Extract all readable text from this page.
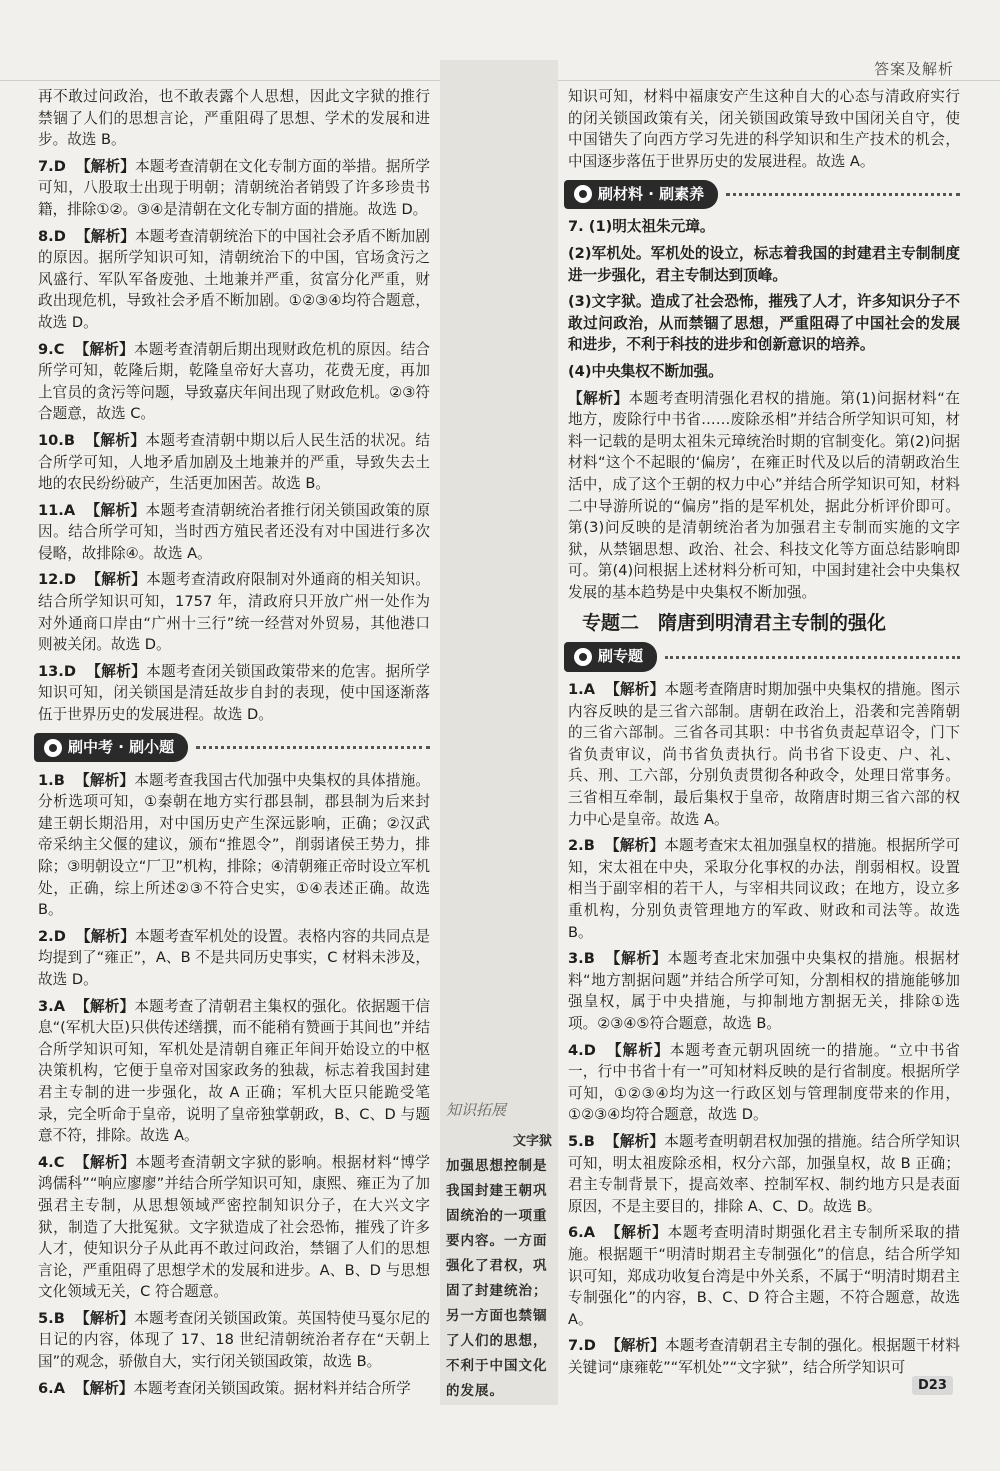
答案及解析

再不敢过问政治，也不敢表露个人思想，因此文字狱的推行禁锢了人们的思想言论，严重阻碍了思想、学术的发展和进步。故选 B。

7.D 【解析】本题考查清朝在文化专制方面的举措。据所学可知，八股取士出现于明朝；清朝统治者销毁了许多珍贵书籍，排除①②。③④是清朝在文化专制方面的措施。故选 D。

8.D 【解析】本题考查清朝统治下的中国社会矛盾不断加剧的原因。据所学知识可知，清朝统治下的中国，官场贪污之风盛行、军队军备废弛、土地兼并严重，贫富分化严重，财政出现危机，导致社会矛盾不断加剧。①②③④均符合题意，故选 D。

9.C 【解析】本题考查清朝后期出现财政危机的原因。结合所学可知，乾隆后期，乾隆皇帝好大喜功，花费无度，再加上官员的贪污等问题，导致嘉庆年间出现了财政危机。②③符合题意，故选 C。

10.B 【解析】本题考查清朝中期以后人民生活的状况。结合所学可知，人地矛盾加剧及土地兼并的严重，导致失去土地的农民纷纷破产，生活更加困苦。故选 B。

11.A 【解析】本题考查清朝统治者推行闭关锁国政策的原因。结合所学可知，当时西方殖民者还没有对中国进行多次侵略，故排除④。故选 A。

12.D 【解析】本题考查清政府限制对外通商的相关知识。结合所学知识可知，1757 年，清政府只开放广州一处作为对外通商口岸由“广州十三行”统一经营对外贸易，其他港口则被关闭。故选 D。

13.D 【解析】本题考查闭关锁国政策带来的危害。据所学知识可知，闭关锁国是清廷故步自封的表现，使中国逐渐落伍于世界历史的发展进程。故选 D。

刷中考 · 刷小题

1.B 【解析】本题考查我国古代加强中央集权的具体措施。分析选项可知，①秦朝在地方实行郡县制，郡县制为后来封建王朝长期沿用，对中国历史产生深远影响，正确；②汉武帝采纳主父偃的建议，颁布“推恩令”，削弱诸侯王势力，排除；③明朝设立“厂卫”机构，排除；④清朝雍正帝时设立军机处，正确，综上所述②③不符合史实，①④表述正确。故选 B。

2.D 【解析】本题考查军机处的设置。表格内容的共同点是均提到了“雍正”，A、B 不是共同历史事实，C 材料未涉及，故选 D。

3.A 【解析】本题考查了清朝君主集权的强化。依据题干信息“(军机大臣)只供传述缮撰，而不能稍有赞画于其间也”并结合所学知识可知，军机处是清朝自雍正年间开始设立的中枢决策机构，它便于皇帝对国家政务的独裁，标志着我国封建君主专制的进一步强化，故 A 正确；军机大臣只能跪受笔录，完全听命于皇帝，说明了皇帝独掌朝政，B、C、D 与题意不符，排除。故选 A。

4.C 【解析】本题考查清朝文字狱的影响。根据材料“博学鸿儒科”“响应廖廖”并结合所学知识可知，康熙、雍正为了加强君主专制，从思想领域严密控制知识分子，在大兴文字狱，制造了大批冤狱。文字狱造成了社会恐怖，摧残了许多人才，使知识分子从此再不敢过问政治，禁锢了人们的思想言论，严重阻碍了思想学术的发展和进步。A、B、D 与思想文化领域无关，C 符合题意。

5.B 【解析】本题考查闭关锁国政策。英国特使马戛尔尼的日记的内容，体现了 17、18 世纪清朝统治者存在“天朝上国”的观念，骄傲自大，实行闭关锁国政策，故选 B。

6.A 【解析】本题考查闭关锁国政策。据材料并结合所学

知识拓展
文字狱
加强思想控制是我国封建王朝巩固统治的一项重要内容。一方面强化了君权，巩固了封建统治；另一方面也禁锢了人们的思想，不利于中国文化的发展。

知识可知，材料中福康安产生这种自大的心态与清政府实行的闭关锁国政策有关，闭关锁国政策导致中国闭关自守，使中国错失了向西方学习先进的科学知识和生产技术的机会，中国逐步落伍于世界历史的发展进程。故选 A。

刷材料 · 刷素养

7. (1)明太祖朱元璋。

(2)军机处。军机处的设立，标志着我国的封建君主专制制度进一步强化，君主专制达到顶峰。

(3)文字狱。造成了社会恐怖，摧残了人才，许多知识分子不敢过问政治，从而禁锢了思想，严重阻碍了中国社会的发展和进步，不利于科技的进步和创新意识的培养。

(4)中央集权不断加强。

【解析】本题考查明清强化君权的措施。第(1)问据材料“在地方，废除行中书省……废除丞相”并结合所学知识可知，材料一记载的是明太祖朱元璋统治时期的官制变化。第(2)问据材料“这个不起眼的‘偏房’，在雍正时代及以后的清朝政治生活中，成了这个王朝的权力中心”并结合所学知识可知，材料二中导游所说的“偏房”指的是军机处，据此分析评价即可。第(3)问反映的是清朝统治者为加强君主专制而实施的文字狱，从禁锢思想、政治、社会、科技文化等方面总结影响即可。第(4)问根据上述材料分析可知，中国封建社会中央集权发展的基本趋势是中央集权不断加强。

专题二　隋唐到明清君主专制的强化
刷专题

1.A 【解析】本题考查隋唐时期加强中央集权的措施。图示内容反映的是三省六部制。唐朝在政治上，沿袭和完善隋朝的三省六部制。三省各司其职：中书省负责起草诏令，门下省负责审议，尚书省负责执行。尚书省下设吏、户、礼、兵、刑、工六部，分别负责贯彻各种政令，处理日常事务。三省相互牵制，最后集权于皇帝，故隋唐时期三省六部的权力中心是皇帝。故选 A。

2.B 【解析】本题考查宋太祖加强皇权的措施。根据所学可知，宋太祖在中央，采取分化事权的办法，削弱相权。设置相当于副宰相的若干人，与宰相共同议政；在地方，设立多重机构，分别负责管理地方的军政、财政和司法等。故选 B。

3.B 【解析】本题考查北宋加强中央集权的措施。根据材料“地方割据问题”并结合所学可知，分割相权的措施能够加强皇权，属于中央措施，与抑制地方割据无关，排除①选项。②③④⑤符合题意，故选 B。

4.D 【解析】本题考查元朝巩固统一的措施。“立中书省一，行中书省十有一”可知材料反映的是行省制度。根据所学可知，①②③④均为这一行政区划与管理制度带来的作用，①②③④均符合题意，故选 D。

5.B 【解析】本题考查明朝君权加强的措施。结合所学知识可知，明太祖废除丞相，权分六部，加强皇权，故 B 正确；君主专制背景下，提高效率、控制军权、制约地方只是表面原因，不是主要目的，排除 A、C、D。故选 B。

6.A 【解析】本题考查明清时期强化君主专制所采取的措施。根据题干“明清时期君主专制强化”的信息，结合所学知识可知，郑成功收复台湾是中外关系，不属于“明清时期君主专制强化”的内容，B、C、D 符合主题，不符合题意，故选 A。

7.D 【解析】本题考查清朝君主专制的强化。根据题干材料关键词“康雍乾”“军机处”“文字狱”，结合所学知识可

D23
